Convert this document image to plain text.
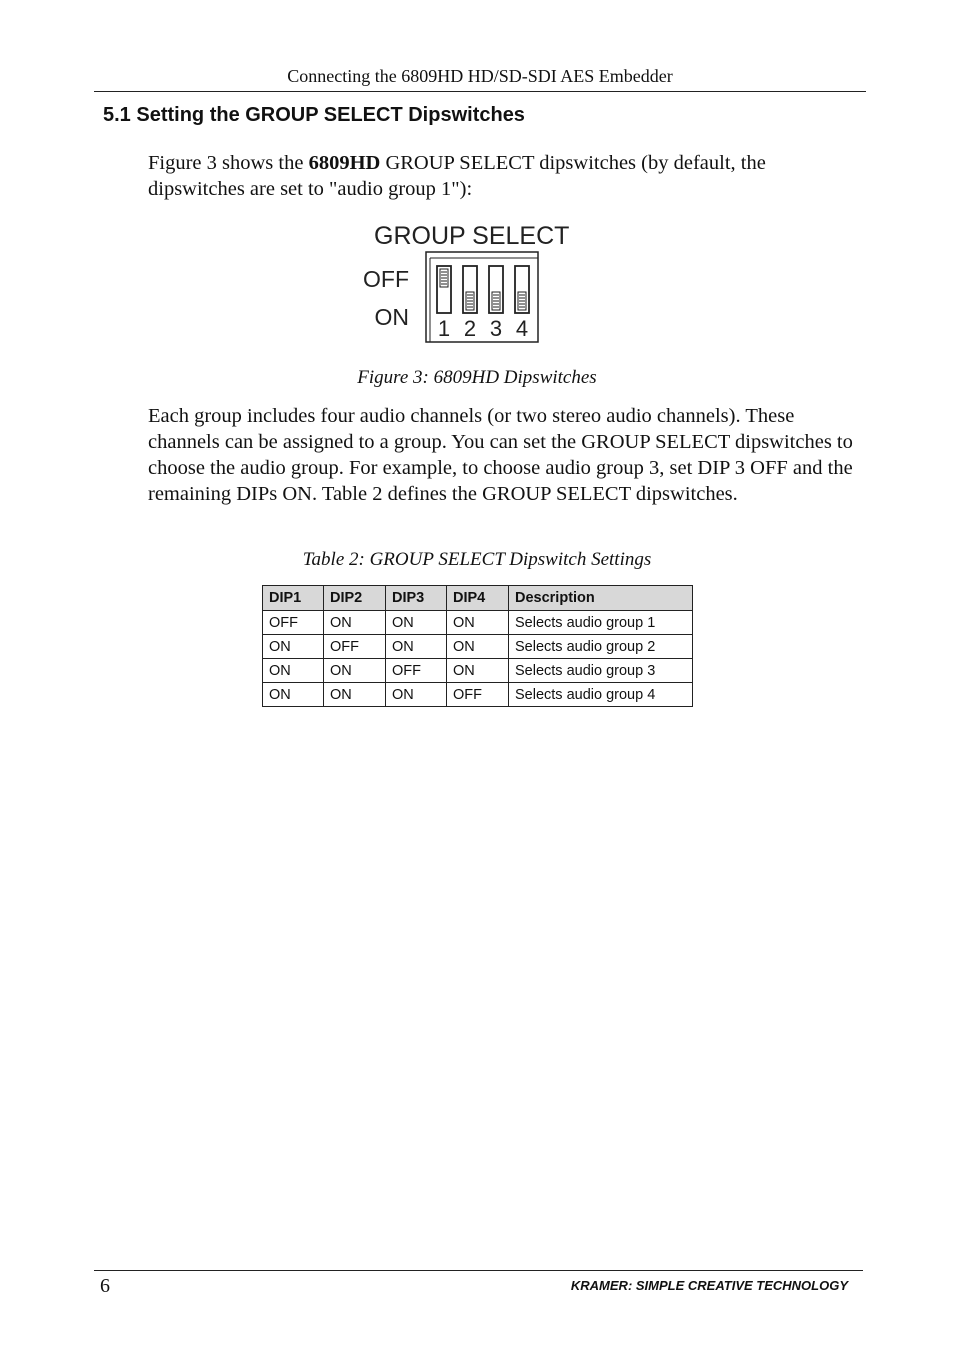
Connecting the 6809HD HD/SD-SDI AES Embedder
5.1 Setting the GROUP SELECT Dipswitches

Figure 3 shows the 6809HD GROUP SELECT dipswitches (by default, the dipswitches are set to "audio group 1"):

GROUP SELECT
OFF
ON 1 2 3 4
Figure 3: 6809HD Dipswitches

Each group includes four audio channels (or two stereo audio channels). These channels can be assigned to a group. You can set the GROUP SELECT dipswitches to choose the audio group. For example, to choose audio group 3, set DIP 3 OFF and the remaining DIPs ON. Table 2 defines the GROUP SELECT dipswitches.

Table 2: GROUP SELECT Dipswitch Settings
DIP1	DIP2	DIP3	DIP4	Description
OFF	ON	ON	ON	Selects audio group 1
ON	OFF	ON	ON	Selects audio group 2
ON	ON	OFF	ON	Selects audio group 3
ON	ON	ON	OFF	Selects audio group 4
6	KRAMER: SIMPLE CREATIVE TECHNOLOGY
